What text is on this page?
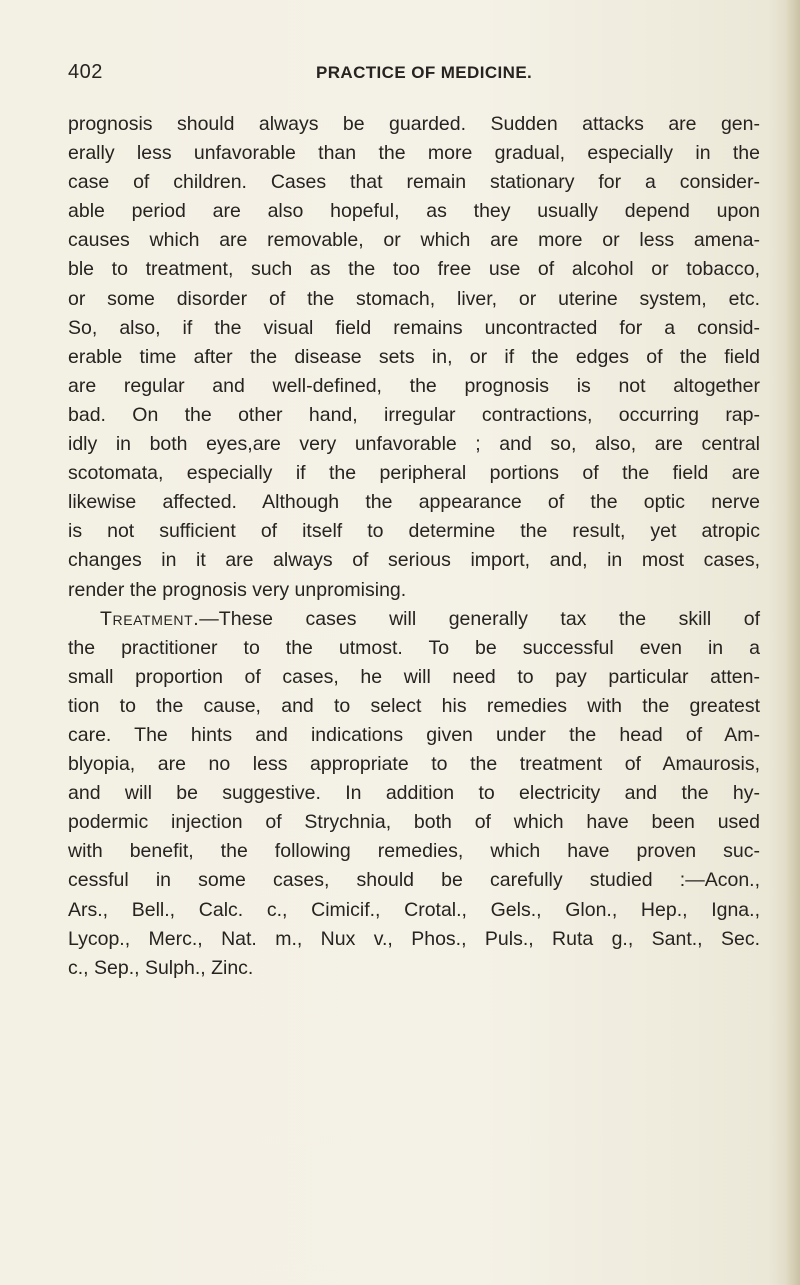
402	PRACTICE OF MEDICINE.
prognosis should always be guarded. Sudden attacks are gen-
erally less unfavorable than the more gradual, especially in the
case of children. Cases that remain stationary for a consider-
able period are also hopeful, as they usually depend upon
causes which are removable, or which are more or less amena-
ble to treatment, such as the too free use of alcohol or tobacco,
or some disorder of the stomach, liver, or uterine system, etc.
So, also, if the visual field remains uncontracted for a consid-
erable time after the disease sets in, or if the edges of the field
are regular and well-defined, the prognosis is not altogether
bad. On the other hand, irregular contractions, occurring rap-
idly in both eyes,are very unfavorable ; and so, also, are central
scotomata, especially if the peripheral portions of the field are
likewise affected. Although the appearance of the optic nerve
is not sufficient of itself to determine the result, yet atropic
changes in it are always of serious import, and, in most cases,
render the prognosis very unpromising.
Treatment.—These cases will generally tax the skill of
the practitioner to the utmost. To be successful even in a
small proportion of cases, he will need to pay particular atten-
tion to the cause, and to select his remedies with the greatest
care. The hints and indications given under the head of Am-
blyopia, are no less appropriate to the treatment of Amaurosis,
and will be suggestive. In addition to electricity and the hy-
podermic injection of Strychnia, both of which have been used
with benefit, the following remedies, which have proven suc-
cessful in some cases, should be carefully studied :—Acon.,
Ars., Bell., Calc. c., Cimicif., Crotal., Gels., Glon., Hep., Igna.,
Lycop., Merc., Nat. m., Nux v., Phos., Puls., Ruta g., Sant., Sec.
c., Sep., Sulph., Zinc.
